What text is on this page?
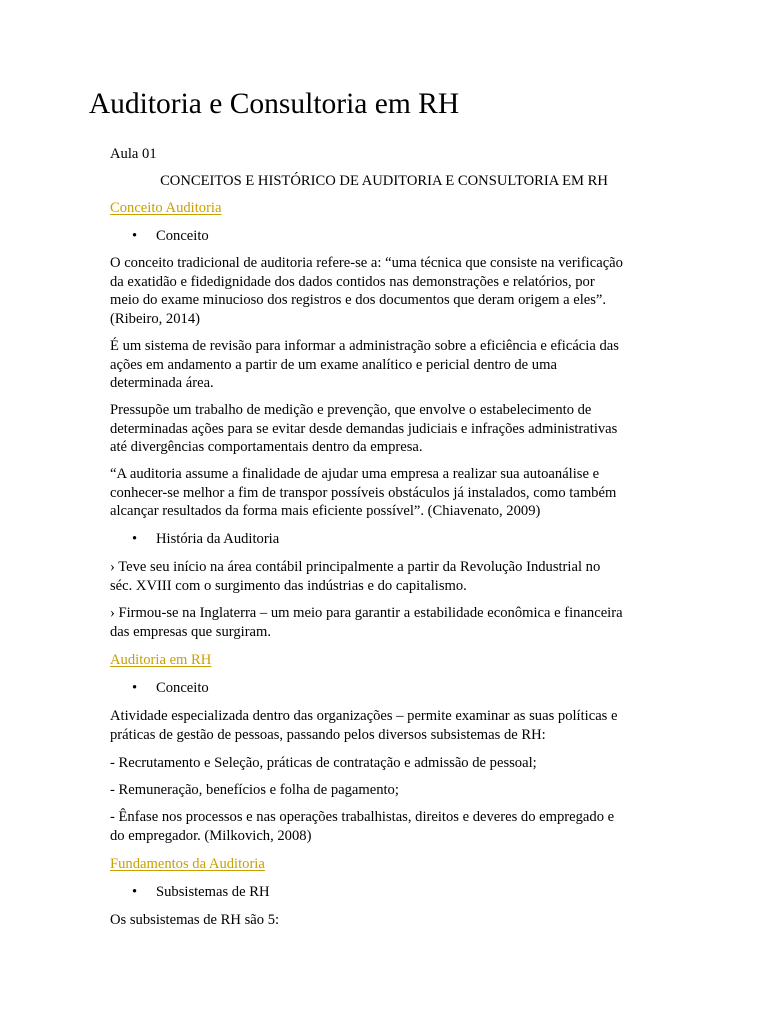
Auditoria e Consultoria em RH

Aula 01

CONCEITOS E HISTÓRICO DE AUDITORIA E CONSULTORIA EM RH

Conceito Auditoria

• Conceito

O conceito tradicional de auditoria refere-se a: “uma técnica que consiste na verificação
da exatidão e fidedignidade dos dados contidos nas demonstrações e relatórios, por
meio do exame minucioso dos registros e dos documentos que deram origem a eles”.
(Ribeiro, 2014)
É um sistema de revisão para informar a administração sobre a eficiência e eficácia das
ações em andamento a partir de um exame analítico e pericial dentro de uma
determinada área.
Pressupõe um trabalho de medição e prevenção, que envolve o estabelecimento de
determinadas ações para se evitar desde demandas judiciais e infrações administrativas
até divergências comportamentais dentro da empresa.
“A auditoria assume a finalidade de ajudar uma empresa a realizar sua autoanálise e
conhecer-se melhor a fim de transpor possíveis obstáculos já instalados, como também
alcançar resultados da forma mais eficiente possível”. (Chiavenato, 2009)

• História da Auditoria

› Teve seu início na área contábil principalmente a partir da Revolução Industrial no
séc. XVIII com o surgimento das indústrias e do capitalismo.
› Firmou-se na Inglaterra – um meio para garantir a estabilidade econômica e financeira
das empresas que surgiram.

Auditoria em RH

• Conceito

Atividade especializada dentro das organizações – permite examinar as suas políticas e
práticas de gestão de pessoas, passando pelos diversos subsistemas de RH:

- Recrutamento e Seleção, práticas de contratação e admissão de pessoal;

- Remuneração, benefícios e folha de pagamento;

- Ênfase nos processos e nas operações trabalhistas, direitos e deveres do empregado e
do empregador. (Milkovich, 2008)

Fundamentos da Auditoria

• Subsistemas de RH

Os subsistemas de RH são 5:
